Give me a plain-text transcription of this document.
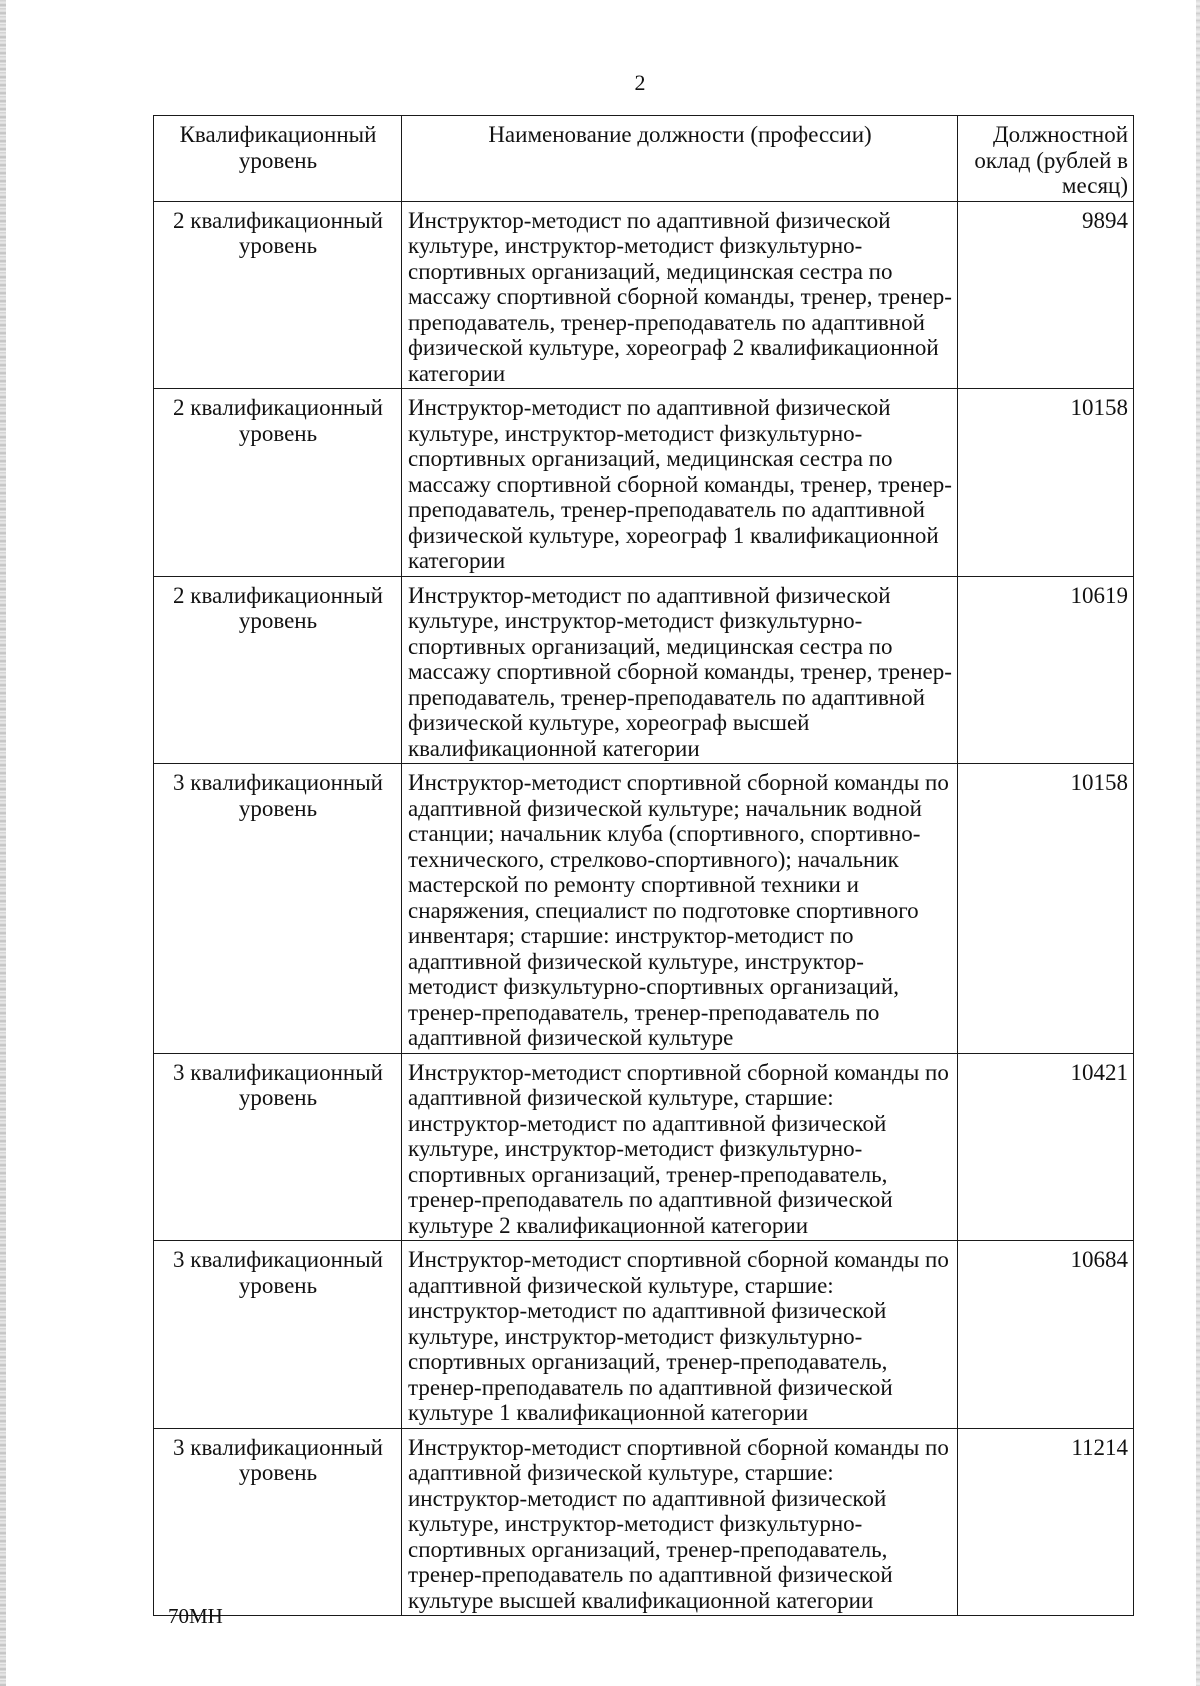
2
Квалификационный уровень	Наименование должности (профессии)	Должностной оклад (рублей в месяц)
2 квалификационный уровень	Инструктор-методист по адаптивной физической культуре, инструктор-методист физкультурно-спортивных организаций, медицинская сестра по массажу спортивной сборной команды, тренер, тренер-преподаватель, тренер-преподаватель по адаптивной физической культуре, хореограф 2 квалификационной категории	9894
2 квалификационный уровень	Инструктор-методист по адаптивной физической культуре, инструктор-методист физкультурно-спортивных организаций, медицинская сестра по массажу спортивной сборной команды, тренер, тренер-преподаватель, тренер-преподаватель по адаптивной физической культуре, хореограф 1 квалификационной категории	10158
2 квалификационный уровень	Инструктор-методист по адаптивной физической культуре, инструктор-методист физкультурно-спортивных организаций, медицинская сестра по массажу спортивной сборной команды, тренер, тренер-преподаватель, тренер-преподаватель по адаптивной физической культуре, хореограф высшей квалификационной категории	10619
3 квалификационный уровень	Инструктор-методист спортивной сборной команды по адаптивной физической культуре; начальник водной станции; начальник клуба (спортивного, спортивно-технического, стрелково-спортивного); начальник мастерской по ремонту спортивной техники и снаряжения, специалист по подготовке спортивного инвентаря; старшие: инструктор-методист по адаптивной физической культуре, инструктор-методист физкультурно-спортивных организаций, тренер-преподаватель, тренер-преподаватель по адаптивной физической культуре	10158
3 квалификационный уровень	Инструктор-методист спортивной сборной команды по адаптивной физической культуре, старшие: инструктор-методист по адаптивной физической культуре, инструктор-методист физкультурно-спортивных организаций, тренер-преподаватель, тренер-преподаватель по адаптивной физической культуре 2 квалификационной категории	10421
3 квалификационный уровень	Инструктор-методист спортивной сборной команды по адаптивной физической культуре, старшие: инструктор-методист по адаптивной физической культуре, инструктор-методист физкультурно-спортивных организаций, тренер-преподаватель, тренер-преподаватель по адаптивной физической культуре 1 квалификационной категории	10684
3 квалификационный уровень	Инструктор-методист спортивной сборной команды по адаптивной физической культуре, старшие: инструктор-методист по адаптивной физической культуре, инструктор-методист физкультурно-спортивных организаций, тренер-преподаватель, тренер-преподаватель по адаптивной физической культуре высшей квалификационной категории	11214
70МН
